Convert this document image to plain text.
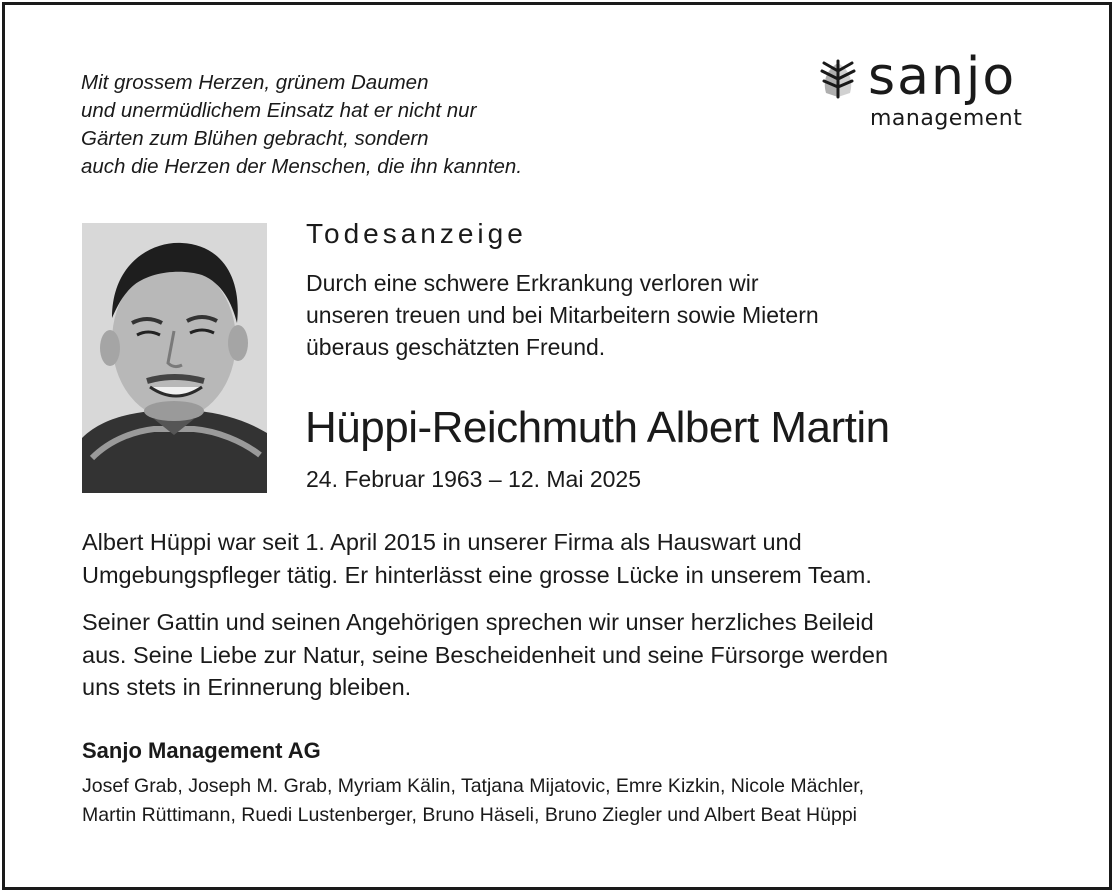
Mit grossem Herzen, grünem Daumen
und unermüdlichem Einsatz hat er nicht nur
Gärten zum Blühen gebracht, sondern
auch die Herzen der Menschen, die ihn kannten.
sanjo
management
Todesanzeige
Durch eine schwere Erkrankung verloren wir
unseren treuen und bei Mitarbeitern sowie Mietern
überaus geschätzten Freund.
Hüppi-Reichmuth Albert Martin
24. Februar 1963 – 12. Mai 2025
Albert Hüppi war seit 1. April 2015 in unserer Firma als Hauswart und
Umgebungspfleger tätig. Er hinterlässt eine grosse Lücke in unserem Team.
Seiner Gattin und seinen Angehörigen sprechen wir unser herzliches Beileid
aus. Seine Liebe zur Natur, seine Bescheidenheit und seine Fürsorge werden
uns stets in Erinnerung bleiben.
Sanjo Management AG
Josef Grab, Joseph M. Grab, Myriam Kälin, Tatjana Mijatovic, Emre Kizkin, Nicole Mächler,
Martin Rüttimann, Ruedi Lustenberger, Bruno Häseli, Bruno Ziegler und Albert Beat Hüppi
